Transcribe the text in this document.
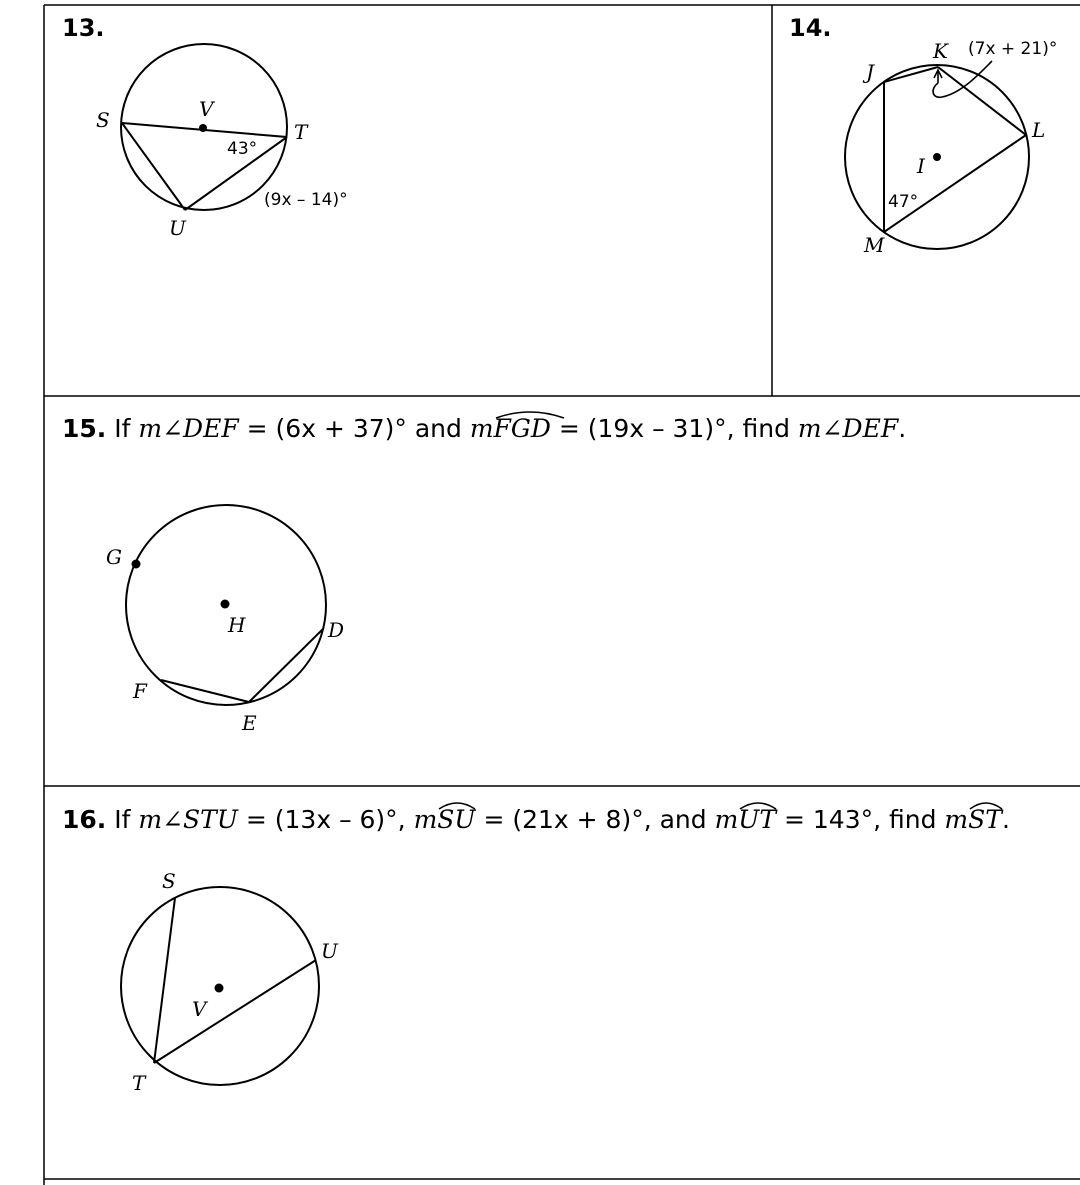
13.
S	V
T
U
43°
(9x – 14)°
14.
J
K (7x + 21)°
L
I
47°
M
15. If m∠DEF = (6x + 37)° and m
FGD = (19x – 31)°, find m∠DEF.
G
H	D
F
E
16. If m∠STU = (13x – 6)°, m
SU = (21x + 8)°, and m
UT = 143°, find m
ST.
S
U
V
T
